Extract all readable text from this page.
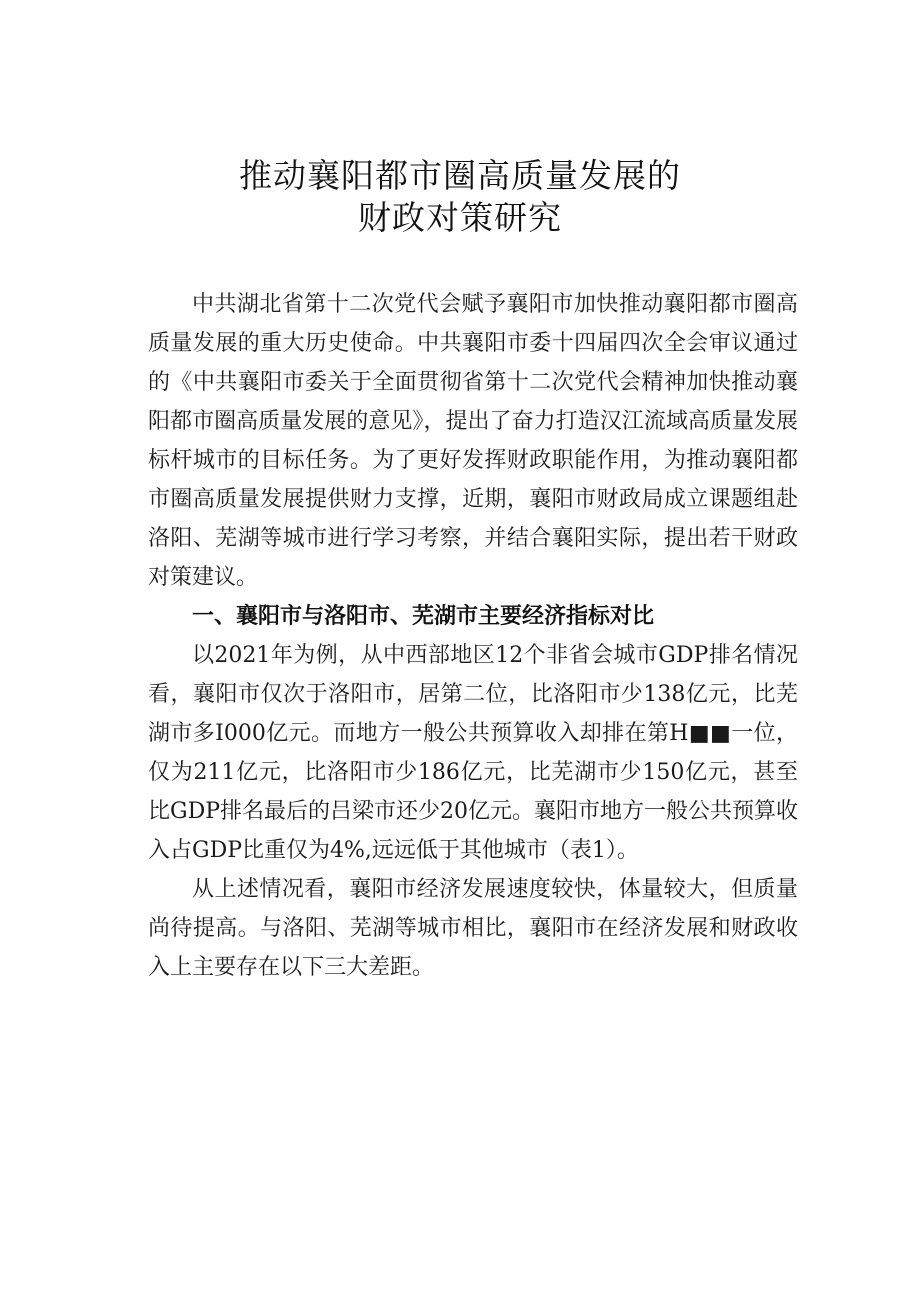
推动襄阳都市圈高质量发展的
财政对策研究

中共湖北省第十二次党代会赋予襄阳市加快推动襄阳都市圈高质量发展的重大历史使命。中共襄阳市委十四届四次全会审议通过的《中共襄阳市委关于全面贯彻省第十二次党代会精神加快推动襄阳都市圈高质量发展的意见》，提出了奋力打造汉江流域高质量发展标杆城市的目标任务。为了更好发挥财政职能作用，为推动襄阳都市圈高质量发展提供财力支撑，近期，襄阳市财政局成立课题组赴洛阳、芜湖等城市进行学习考察，并结合襄阳实际，提出若干财政对策建议。

一、襄阳市与洛阳市、芜湖市主要经济指标对比

以2021年为例，从中西部地区12个非省会城市GDP排名情况看，襄阳市仅次于洛阳市，居第二位，比洛阳市少138亿元，比芜湖市多I000亿元。而地方一般公共预算收入却排在第H■■一位，仅为211亿元，比洛阳市少186亿元，比芜湖市少150亿元，甚至比GDP排名最后的吕梁市还少20亿元。襄阳市地方一般公共预算收入占GDP比重仅为4%,远远低于其他城市（表1）。

从上述情况看，襄阳市经济发展速度较快，体量较大，但质量尚待提高。与洛阳、芜湖等城市相比，襄阳市在经济发展和财政收入上主要存在以下三大差距。
